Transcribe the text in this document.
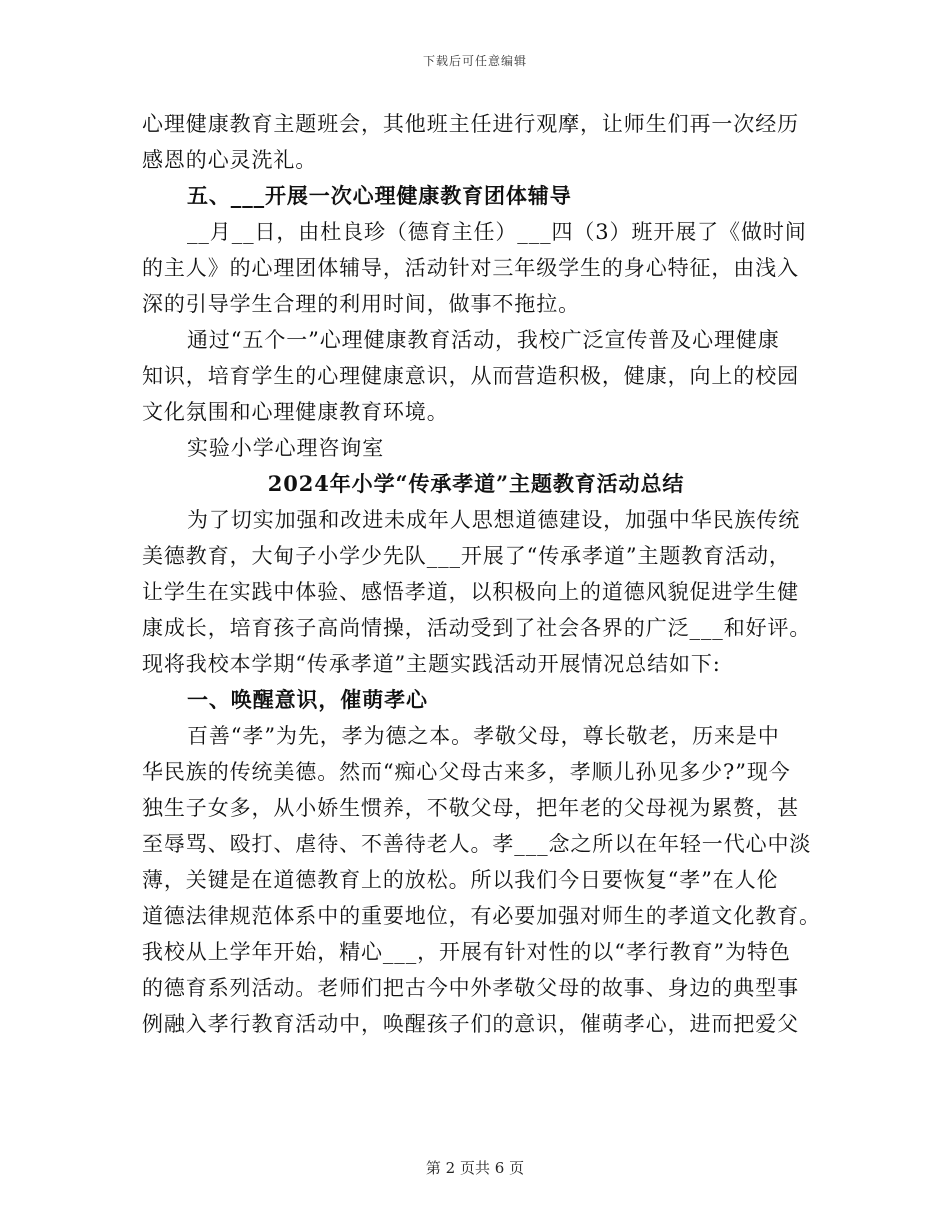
下载后可任意编辑
心理健康教育主题班会，其他班主任进行观摩，让师生们再一次经历
感恩的心灵洗礼。
五、___开展一次心理健康教育团体辅导
__月__日，由杜良珍（德育主任）___四（3）班开展了《做时间
的主人》的心理团体辅导，活动针对三年级学生的身心特征，由浅入
深的引导学生合理的利用时间，做事不拖拉。
通过“五个一”心理健康教育活动，我校广泛宣传普及心理健康
知识，培育学生的心理健康意识，从而营造积极，健康，向上的校园
文化氛围和心理健康教育环境。
实验小学心理咨询室
2024年小学“传承孝道”主题教育活动总结
为了切实加强和改进未成年人思想道德建设，加强中华民族传统
美德教育，大甸子小学少先队___开展了“传承孝道”主题教育活动，
让学生在实践中体验、感悟孝道，以积极向上的道德风貌促进学生健
康成长，培育孩子高尚情操，活动受到了社会各界的广泛___和好评。
现将我校本学期“传承孝道”主题实践活动开展情况总结如下:
一、唤醒意识，催萌孝心
百善“孝”为先，孝为德之本。孝敬父母，尊长敬老，历来是中
华民族的传统美德。然而“痴心父母古来多，孝顺儿孙见多少?”现今
独生子女多，从小娇生惯养，不敬父母，把年老的父母视为累赘，甚
至辱骂、殴打、虐待、不善待老人。孝___念之所以在年轻一代心中淡
薄，关键是在道德教育上的放松。所以我们今日要恢复“孝”在人伦
道德法律规范体系中的重要地位，有必要加强对师生的孝道文化教育。
我校从上学年开始，精心___，开展有针对性的以“孝行教育”为特色
的德育系列活动。老师们把古今中外孝敬父母的故事、身边的典型事
例融入孝行教育活动中，唤醒孩子们的意识，催萌孝心，进而把爱父
第 2 页共 6 页
